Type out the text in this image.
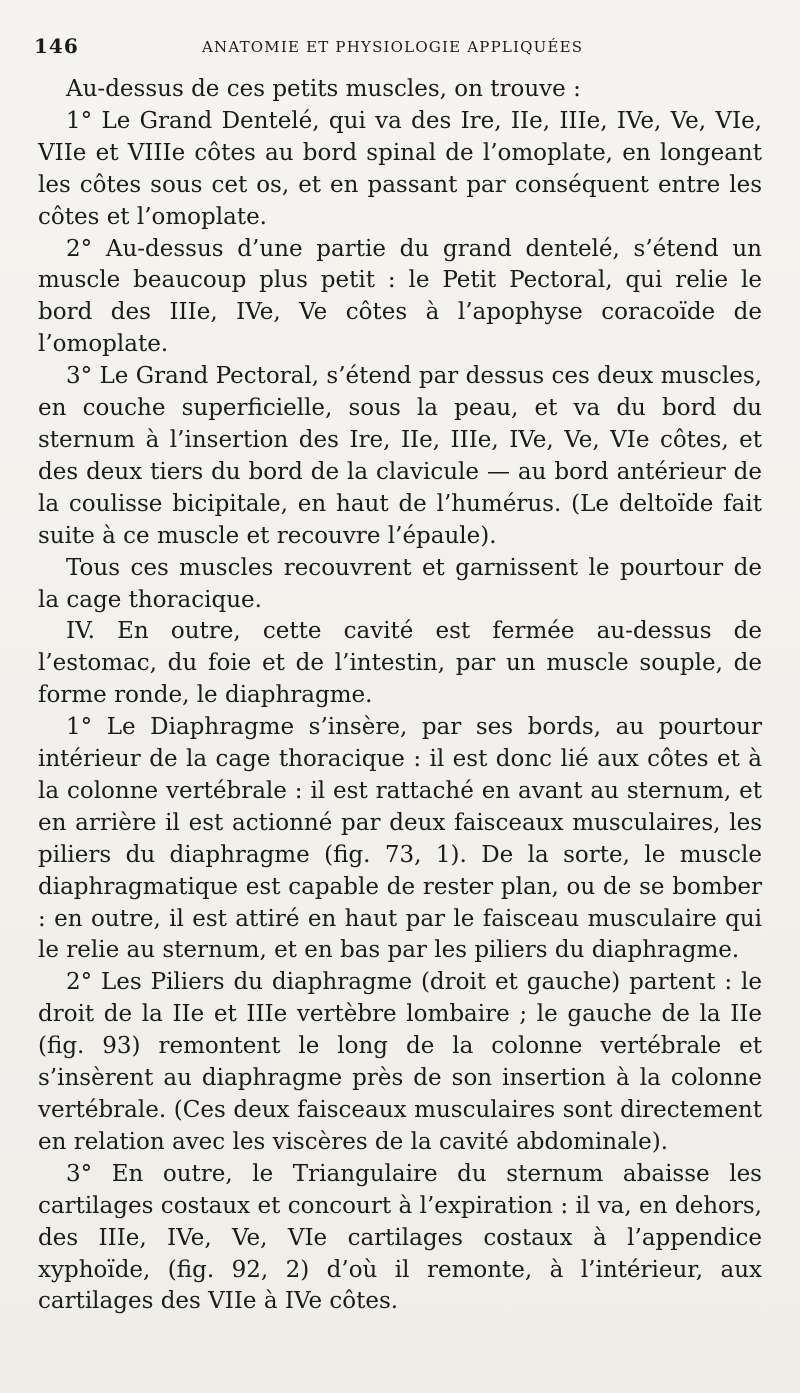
146	ANATOMIE ET PHYSIOLOGIE APPLIQUÉES

Au-dessus de ces petits muscles, on trouve :

1° Le Grand Dentelé, qui va des Ire, IIe, IIIe, IVe, Ve, VIe, VIIe et VIIIe côtes au bord spinal de l’omoplate, en longeant les côtes sous cet os, et en passant par conséquent entre les côtes et l’omoplate.

2° Au-dessus d’une partie du grand dentelé, s’étend un muscle beaucoup plus petit : le Petit Pectoral, qui relie le bord des IIIe, IVe, Ve côtes à l’apophyse coracoïde de l’omoplate.

3° Le Grand Pectoral, s’étend par dessus ces deux muscles, en couche superficielle, sous la peau, et va du bord du sternum à l’insertion des Ire, IIe, IIIe, IVe, Ve, VIe côtes, et des deux tiers du bord de la clavicule — au bord antérieur de la coulisse bicipitale, en haut de l’humérus. (Le deltoïde fait suite à ce muscle et recouvre l’épaule).

Tous ces muscles recouvrent et garnissent le pourtour de la cage thoracique.

IV. En outre, cette cavité est fermée au-dessus de l’estomac, du foie et de l’intestin, par un muscle souple, de forme ronde, le diaphragme.

1° Le Diaphragme s’insère, par ses bords, au pourtour intérieur de la cage thoracique : il est donc lié aux côtes et à la colonne vertébrale : il est rattaché en avant au sternum, et en arrière il est actionné par deux faisceaux musculaires, les piliers du diaphragme (fig. 73, 1). De la sorte, le muscle diaphragmatique est capable de rester plan, ou de se bomber : en outre, il est attiré en haut par le faisceau musculaire qui le relie au sternum, et en bas par les piliers du diaphragme.

2° Les Piliers du diaphragme (droit et gauche) partent : le droit de la IIe et IIIe vertèbre lombaire ; le gauche de la IIe (fig. 93) remontent le long de la colonne vertébrale et s’insèrent au diaphragme près de son insertion à la colonne vertébrale. (Ces deux faisceaux musculaires sont directement en relation avec les viscères de la cavité abdominale).

3° En outre, le Triangulaire du sternum abaisse les cartilages costaux et concourt à l’expiration : il va, en dehors, des IIIe, IVe, Ve, VIe cartilages costaux à l’appendice xyphoïde, (fig. 92, 2) d’où il remonte, à l’intérieur, aux cartilages des VIIe à IVe côtes.
